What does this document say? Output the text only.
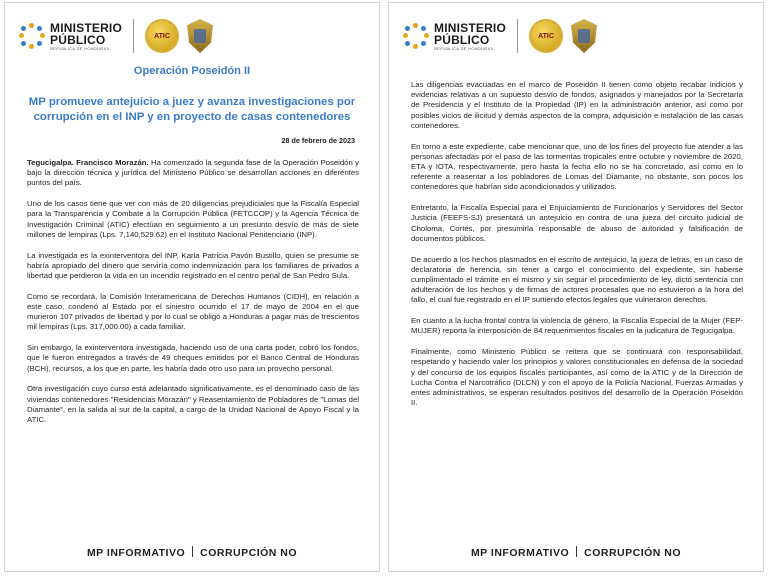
MINISTERIO
PÚBLICO
REPÚBLICA DE HONDURAS
ATIC
Operación Poseidón II
MP promueve antejuicio a juez y avanza investigaciones por corrupción en el INP y en proyecto de casas contenedores
28 de febrero de 2023

Tegucigalpa. Francisco Morazán. Ha comenzado la segunda fase de la Operación Poseidón y bajo la dirección técnica y jurídica del Ministerio Público se desarrollan acciones en diferentes puntos del país.

Uno de los casos tiene que ver con más de 20 diligencias prejudiciales que la Fiscalía Especial para la Transparencia y Combate a la Corrupción Pública (FETCCOP) y la Agencia Técnica de Investigación Criminal (ATIC) efectúan en seguimiento a un presunto desvío de más de siete millones de lempiras (Lps. 7,140,529.62) en el Instituto Nacional Penitenciario (INP).

La investigada es la exinterventora del INP, Karla Patricia Pavón Bustillo, quien se presume se habría apropiado del dinero que serviría como indemnización para los familiares de privados a libertad que perdieron la vida en un incendio registrado en el centro penal de San Pedro Sula.

Como se recordará, la Comisión Interamericana de Derechos Humanos (CIDH), en relación a este caso, condenó al Estado por el siniestro ocurrido el 17 de mayo de 2004 en el que murieron 107 privados de libertad y por lo cual se obligó a Honduras a pagar más de trescientos mil lempiras (Lps. 317,000.00) a cada familiar.

Sin embargo, la exinterventora investigada, haciendo uso de una carta poder, cobró los fondos, que le fueron entregados a través de 49 cheques emitidos por el Banco Central de Honduras (BCH), recursos, a los que en parte, les habría dado otro uso para un provecho personal.

Otra investigación cuyo curso está adelantado significativamente, es el denominado caso de las viviendas contenedores "Residencias Morazán" y Reasentamiento de Pobladores de "Lomas del Diamante", en la salida al sur de la capital, a cargo de la Unidad Nacional de Apoyo Fiscal y la ATIC.

MP INFORMATIVO CORRUPCIÓN NO
MINISTERIO
PÚBLICO
REPÚBLICA DE HONDURAS
ATIC

Las diligencias evacuadas en el marco de Poseidón II tienen como objeto recabar indicios y evidencias relativas a un supuesto desvío de fondos, asignados y manejados por la Secretaría de Presidencia y el Instituto de la Propiedad (IP) en la administración anterior, así como por posibles vicios de ilicitud y demás aspectos de la compra, adquisición e instalación de las casas contenedores.

En torno a este expediente, cabe mencionar que, uno de los fines del proyecto fue atender a las personas afectadas por el paso de las tormentas tropicales entre octubre y noviembre de 2020, ETA y IOTA, respectivamente, pero hasta la fecha ello no se ha concretado, así como en lo referente a reasentar a los pobladores de Lomas del Diamante, no obstante, son pocos los contenedores que habrían sido acondicionados y utilizados.

Entretanto, la Fiscalía Especial para el Enjuiciamiento de Funcionarios y Servidores del Sector Justicia (FEEFS-SJ) presentará un antejuicio en contra de una jueza del circuito judicial de Choloma, Cortés, por presumirla responsable de abuso de autoridad y falsificación de documentos públicos.

De acuerdo a los hechos plasmados en el escrito de antejuicio, la jueza de letras, en un caso de declaratoria de herencia, sin tener a cargo el conocimiento del expediente, sin haberse cumplimentado el trámite en el mismo y sin seguir el procedimiento de ley, dictó sentencia con adulteración de los hechos y de firmas de actores procesales que no estuvieron a la hora del fallo, el cual fue registrado en el IP surtiendo efectos legales que vulneraron derechos.

En cuanto a la lucha frontal contra la violencia de género, la Fiscalía Especial de la Mujer (FEP-MUJER) reporta la interposición de 84 requerimientos fiscales en la judicatura de Tegucigalpa.

Finalmente, como Ministerio Público se reitera que se continuará con responsabilidad, respetando y haciendo valer los principios y valores constitucionales en defensa de la sociedad y del concurso de los equipos fiscales participantes, así como de la ATIC y de la Dirección de Lucha Contra el Narcotráfico (DLCN) y con el apoyo de la Policía Nacional, Fuerzas Armadas y entes administrativos, se esperan resultados positivos del desarrollo de la Operación Poseidón II.

MP INFORMATIVO CORRUPCIÓN NO
